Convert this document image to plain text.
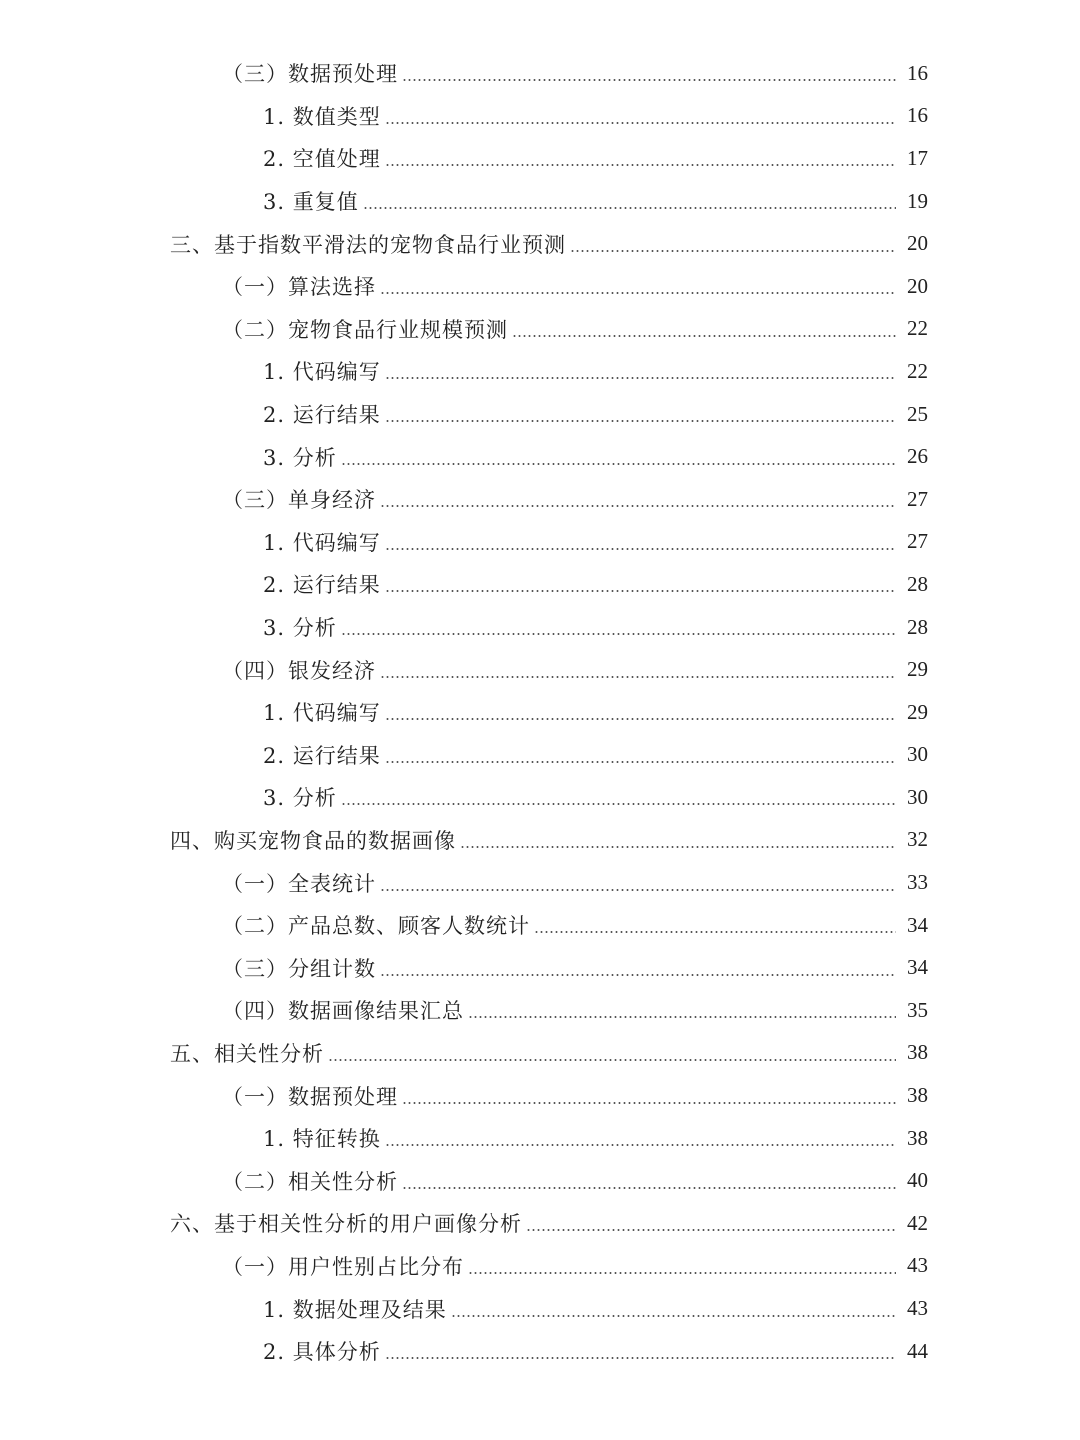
（三）数据预处理	16
1. 数值类型	16
2. 空值处理	17
3. 重复值	19
三、基于指数平滑法的宠物食品行业预测	20
（一）算法选择	20
（二）宠物食品行业规模预测	22
1. 代码编写	22
2. 运行结果	25
3. 分析	26
（三）单身经济	27
1. 代码编写	27
2. 运行结果	28
3. 分析	28
（四）银发经济	29
1. 代码编写	29
2. 运行结果	30
3. 分析	30
四、购买宠物食品的数据画像	32
（一）全表统计	33
（二）产品总数、顾客人数统计	34
（三）分组计数	34
（四）数据画像结果汇总	35
五、相关性分析	38
（一）数据预处理	38
1. 特征转换	38
（二）相关性分析	40
六、基于相关性分析的用户画像分析	42
（一）用户性别占比分布	43
1. 数据处理及结果	43
2. 具体分析	44
